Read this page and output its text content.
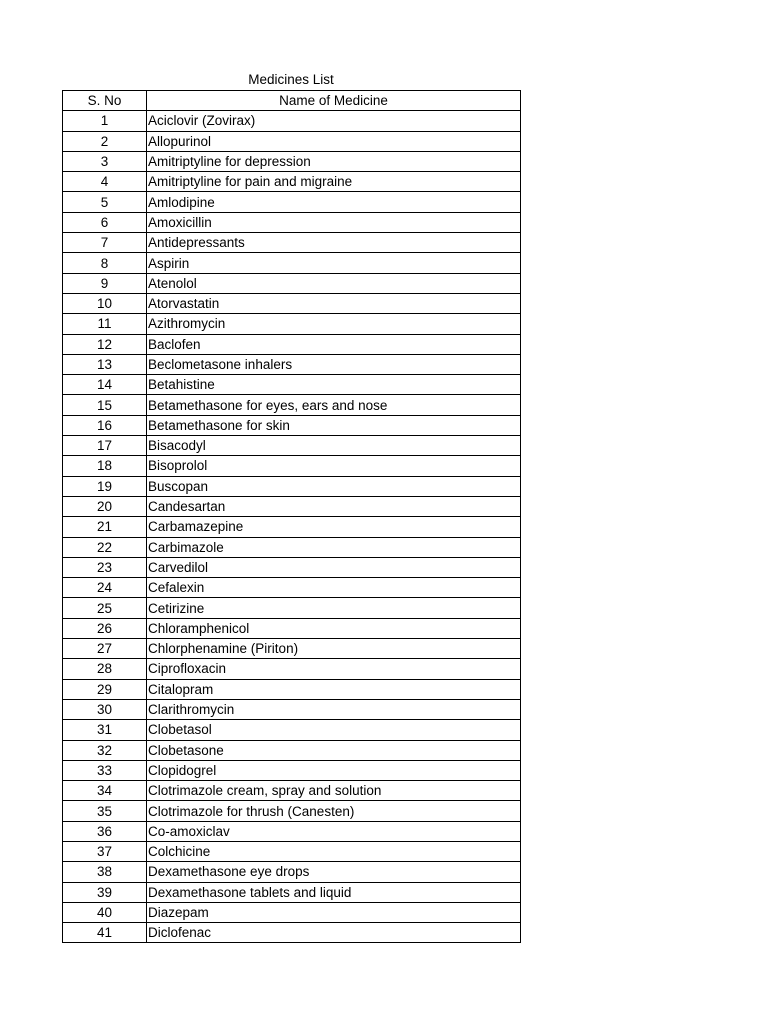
Medicines List
S. No	Name of Medicine
1	Aciclovir (Zovirax)
2	Allopurinol
3	Amitriptyline for depression
4	Amitriptyline for pain and migraine
5	Amlodipine
6	Amoxicillin
7	Antidepressants
8	Aspirin
9	Atenolol
10	Atorvastatin
11	Azithromycin
12	Baclofen
13	Beclometasone inhalers
14	Betahistine
15	Betamethasone for eyes, ears and nose
16	Betamethasone for skin
17	Bisacodyl
18	Bisoprolol
19	Buscopan
20	Candesartan
21	Carbamazepine
22	Carbimazole
23	Carvedilol
24	Cefalexin
25	Cetirizine
26	Chloramphenicol
27	Chlorphenamine (Piriton)
28	Ciprofloxacin
29	Citalopram
30	Clarithromycin
31	Clobetasol
32	Clobetasone
33	Clopidogrel
34	Clotrimazole cream, spray and solution
35	Clotrimazole for thrush (Canesten)
36	Co-amoxiclav
37	Colchicine
38	Dexamethasone eye drops
39	Dexamethasone tablets and liquid
40	Diazepam
41	Diclofenac
